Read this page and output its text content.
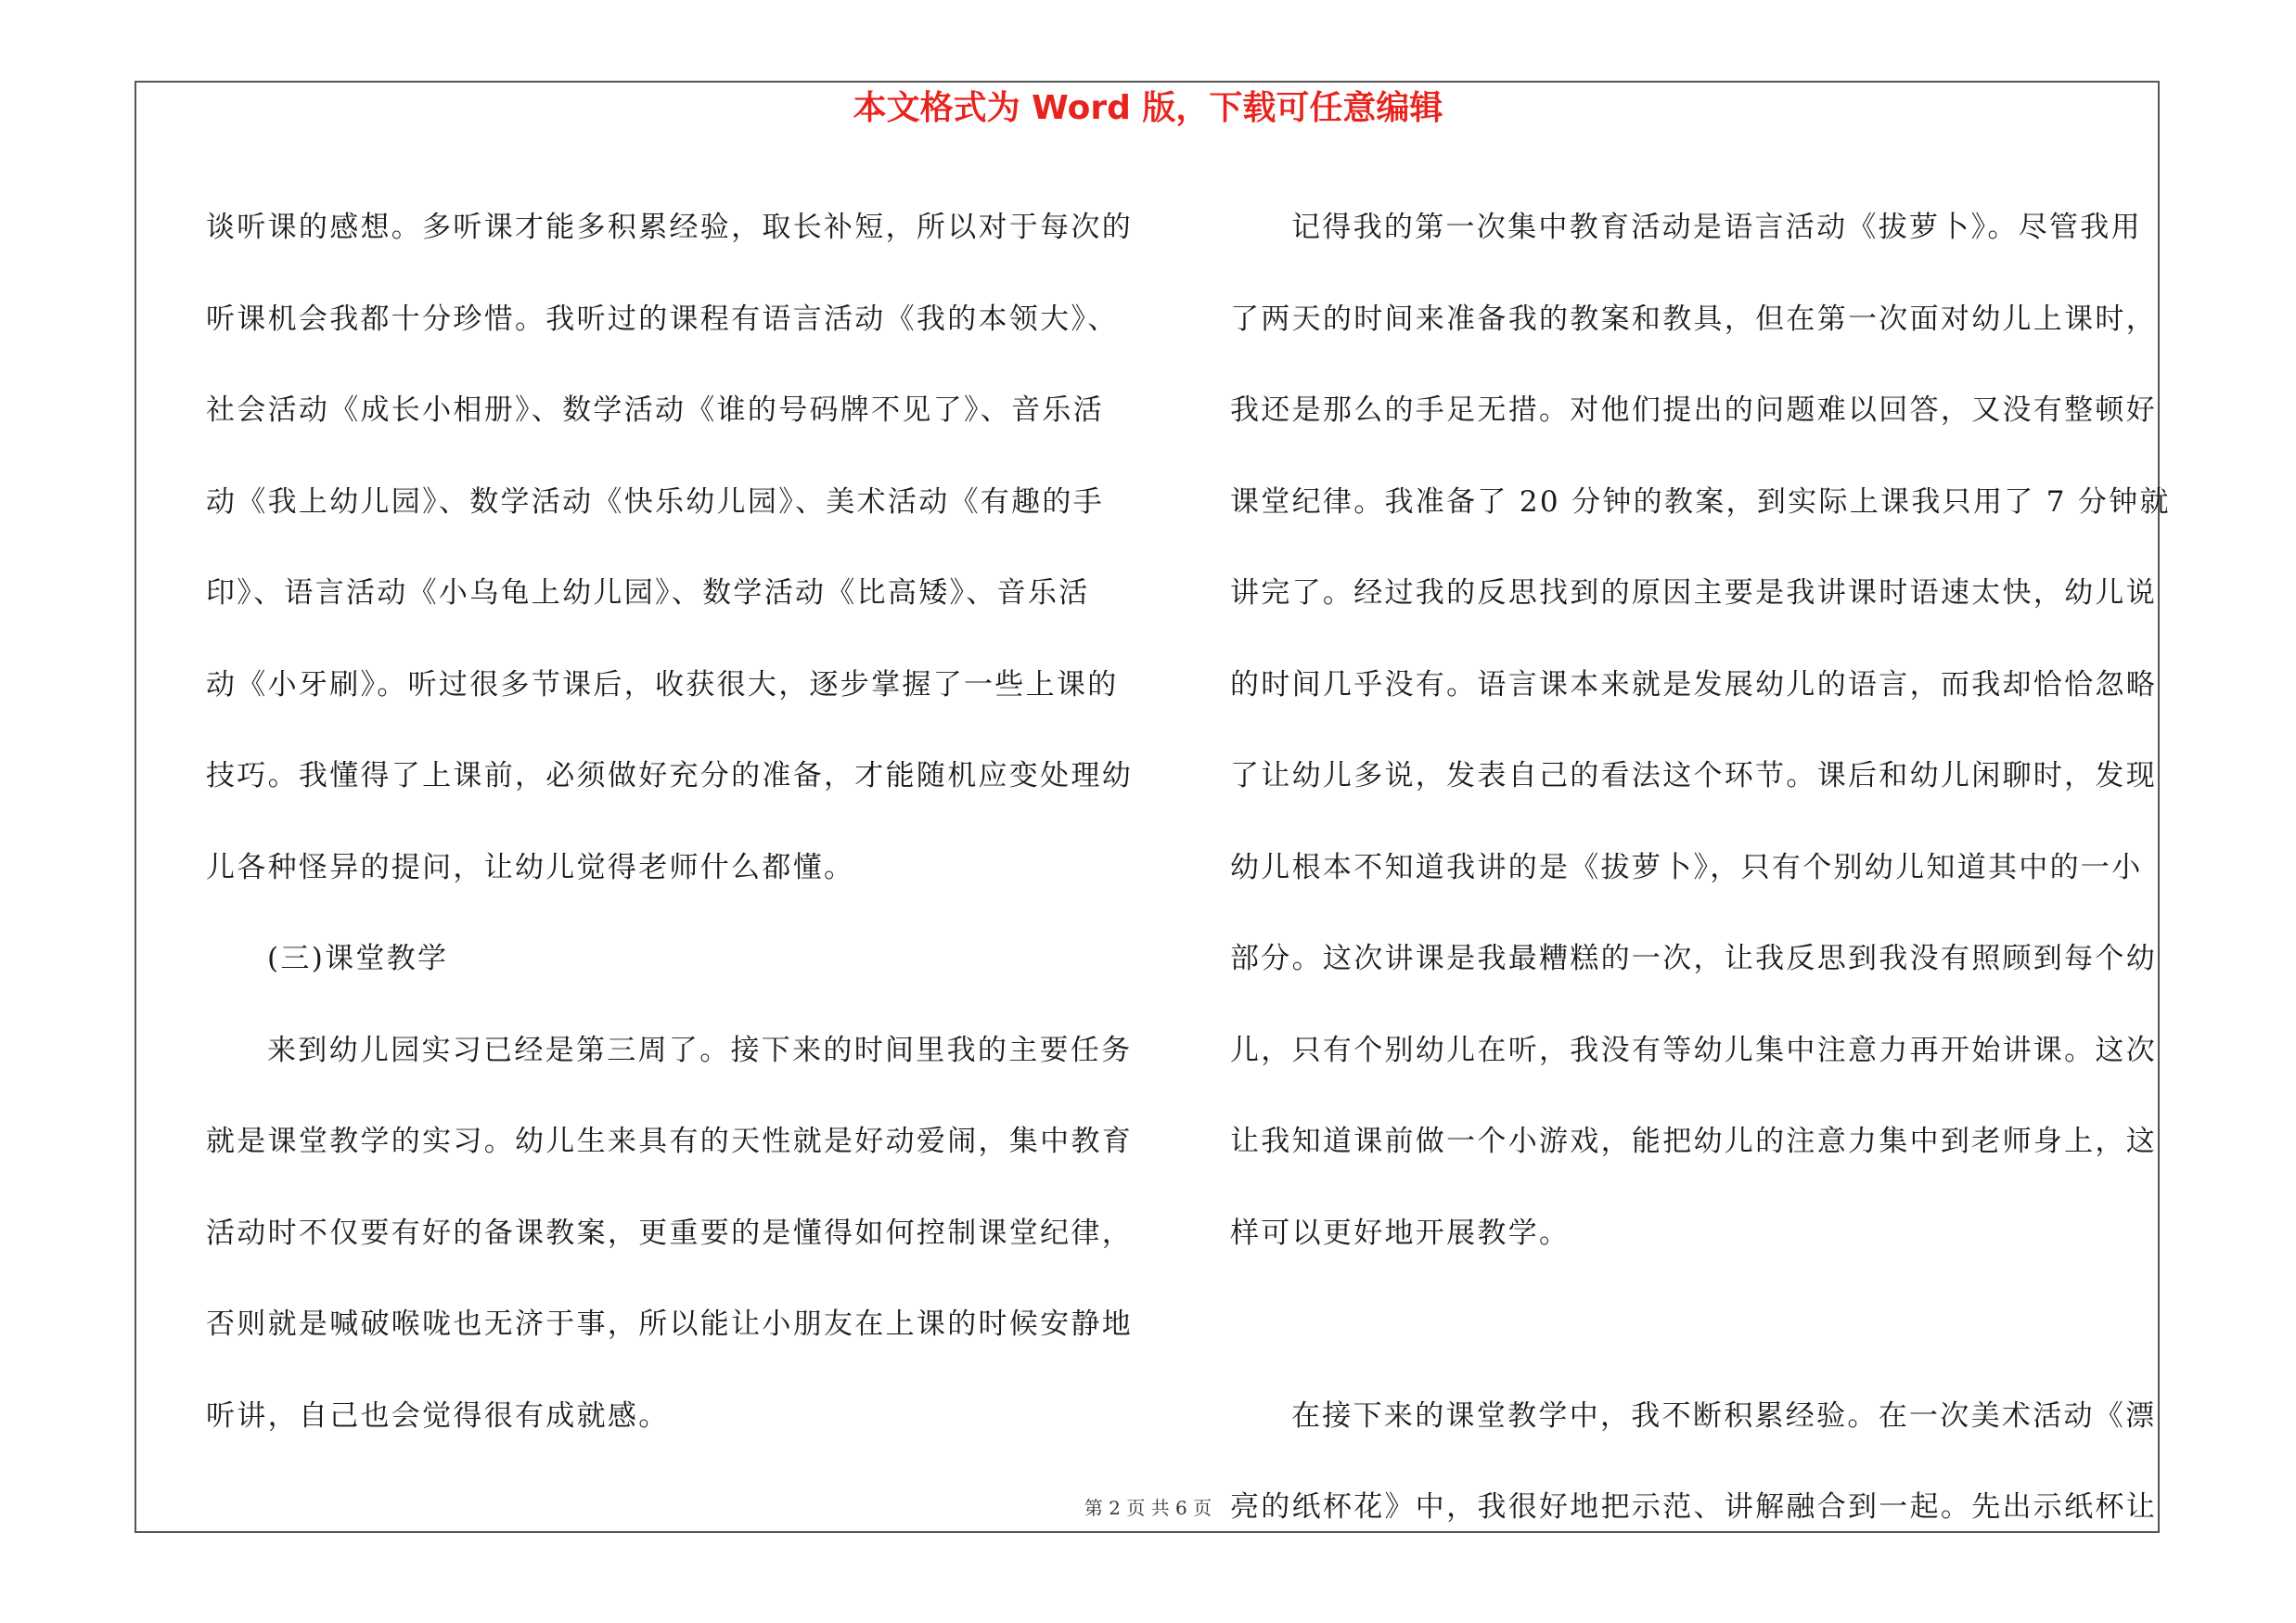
本文格式为 Word 版，下载可任意编辑
谈听课的感想。多听课才能多积累经验，取长补短，所以对于每次的
听课机会我都十分珍惜。我听过的课程有语言活动《我的本领大》、
社会活动《成长小相册》、数学活动《谁的号码牌不见了》、音乐活
动《我上幼儿园》、数学活动《快乐幼儿园》、美术活动《有趣的手
印》、语言活动《小乌龟上幼儿园》、数学活动《比高矮》、音乐活
动《小牙刷》。听过很多节课后，收获很大，逐步掌握了一些上课的
技巧。我懂得了上课前，必须做好充分的准备，才能随机应变处理幼
儿各种怪异的提问，让幼儿觉得老师什么都懂。
(三)课堂教学
来到幼儿园实习已经是第三周了。接下来的时间里我的主要任务
就是课堂教学的实习。幼儿生来具有的天性就是好动爱闹，集中教育
活动时不仅要有好的备课教案，更重要的是懂得如何控制课堂纪律，
否则就是喊破喉咙也无济于事，所以能让小朋友在上课的时候安静地
听讲，自己也会觉得很有成就感。
记得我的第一次集中教育活动是语言活动《拔萝卜》。尽管我用
了两天的时间来准备我的教案和教具，但在第一次面对幼儿上课时，
我还是那么的手足无措。对他们提出的问题难以回答，又没有整顿好
课堂纪律。我准备了 20 分钟的教案，到实际上课我只用了 7 分钟就
讲完了。经过我的反思找到的原因主要是我讲课时语速太快，幼儿说
的时间几乎没有。语言课本来就是发展幼儿的语言，而我却恰恰忽略
了让幼儿多说，发表自己的看法这个环节。课后和幼儿闲聊时，发现
幼儿根本不知道我讲的是《拔萝卜》，只有个别幼儿知道其中的一小
部分。这次讲课是我最糟糕的一次，让我反思到我没有照顾到每个幼
儿，只有个别幼儿在听，我没有等幼儿集中注意力再开始讲课。这次
让我知道课前做一个小游戏，能把幼儿的注意力集中到老师身上，这
样可以更好地开展教学。
在接下来的课堂教学中，我不断积累经验。在一次美术活动《漂
亮的纸杯花》中，我很好地把示范、讲解融合到一起。先出示纸杯让
第 2 页 共 6 页
